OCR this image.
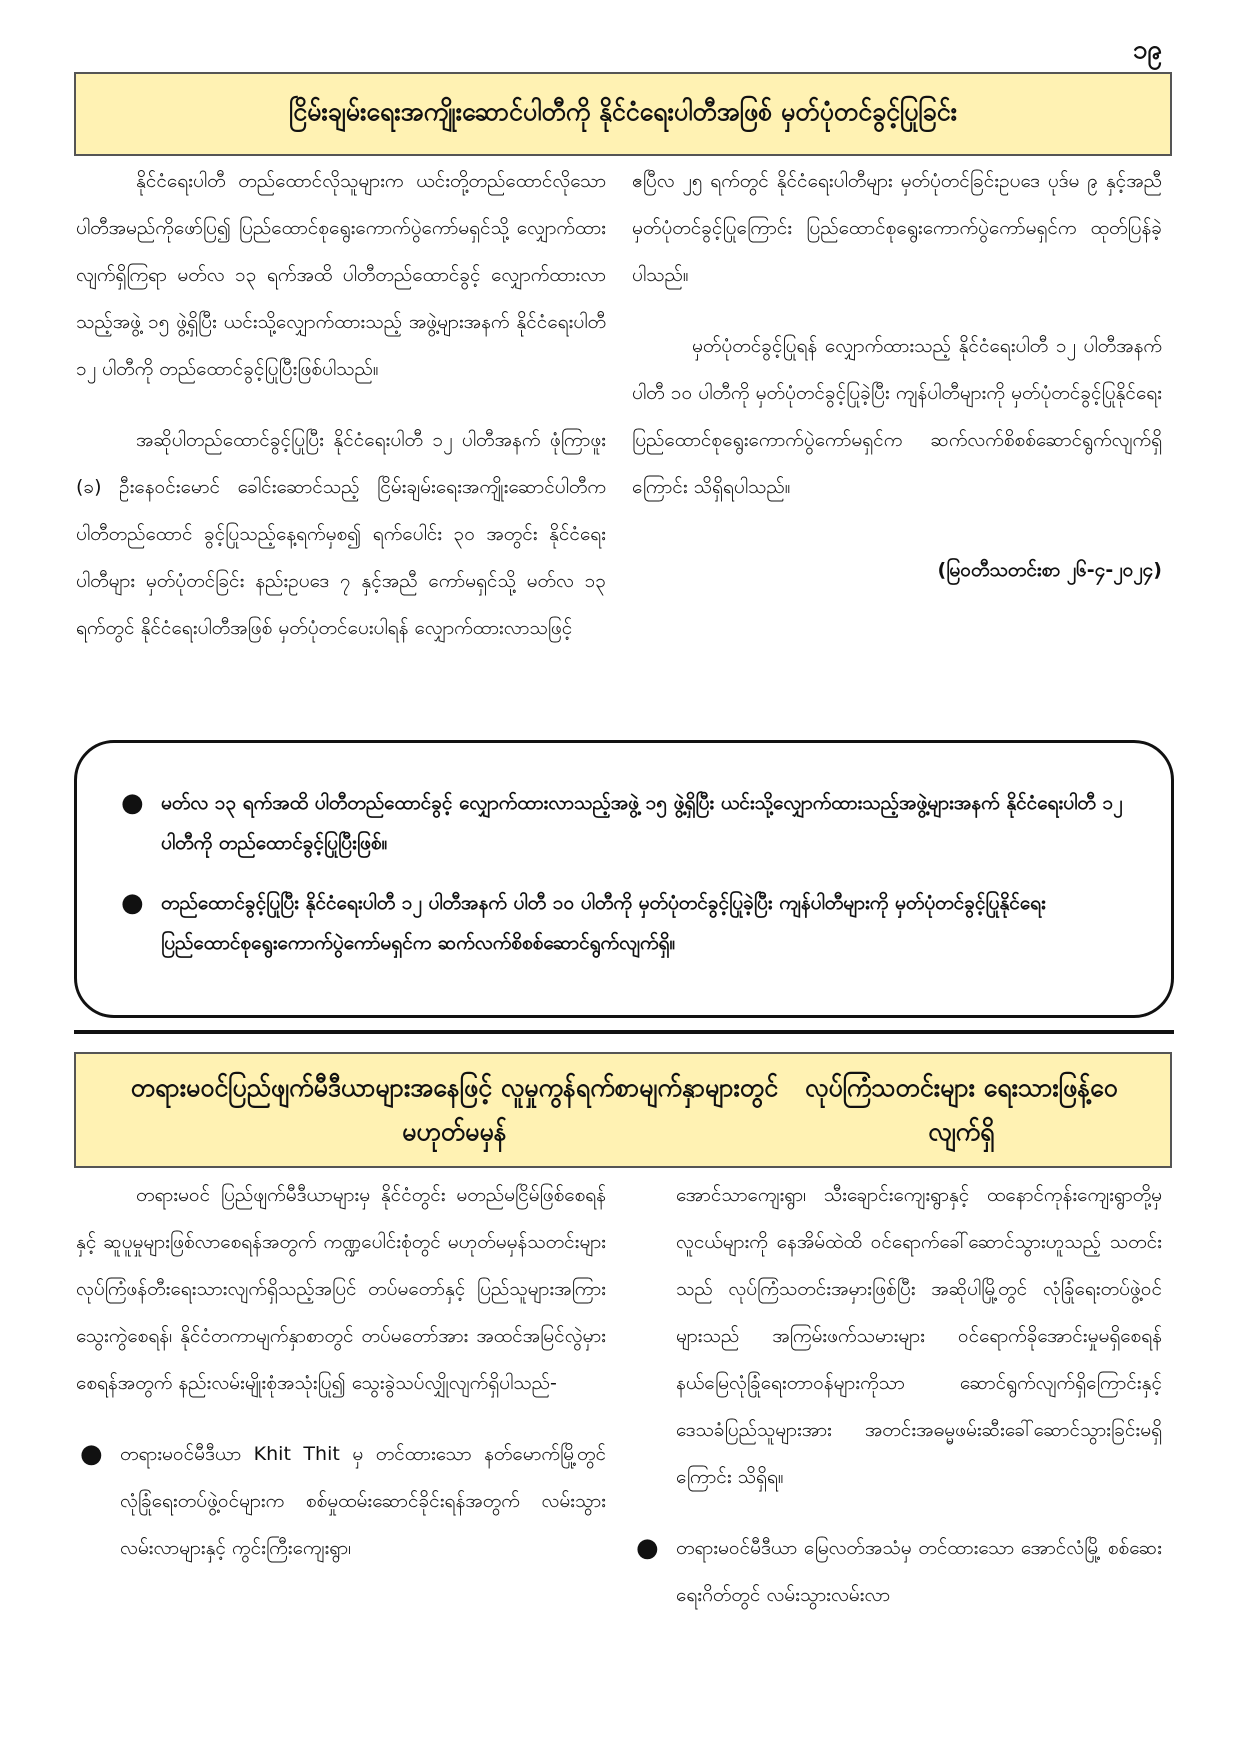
၁၉
ငြိမ်းချမ်းရေးအကျိုးဆောင်ပါတီကို နိုင်ငံရေးပါတီအဖြစ် မှတ်ပုံတင်ခွင့်ပြုခြင်း

နိုင်ငံရေးပါတီ တည်ထောင်လိုသူများက ယင်းတို့တည်ထောင်လိုသော ပါတီအမည်ကိုဖော်ပြ၍ ပြည်ထောင်စုရွေးကောက်ပွဲကော်မရှင်သို့ လျှောက်ထားလျက်ရှိကြရာ မတ်လ ၁၃ ရက်အထိ ပါတီတည်ထောင်ခွင့် လျှောက်ထားလာသည့်အဖွဲ့ ၁၅ ဖွဲ့ရှိပြီး ယင်းသို့လျှောက်ထားသည့် အဖွဲ့များအနက် နိုင်ငံရေးပါတီ ၁၂ ပါတီကို တည်ထောင်ခွင့်ပြုပြီးဖြစ်ပါသည်။

အဆိုပါတည်ထောင်ခွင့်ပြုပြီး နိုင်ငံရေးပါတီ ၁၂ ပါတီအနက် ဖုံကြာဖူး (ခ) ဦးနေဝင်းမောင် ခေါင်းဆောင်သည့် ငြိမ်းချမ်းရေးအကျိုးဆောင်ပါတီက ပါတီတည်ထောင် ခွင့်ပြုသည့်နေ့ရက်မှစ၍ ရက်ပေါင်း ၃၀ အတွင်း နိုင်ငံရေးပါတီများ မှတ်ပုံတင်ခြင်း နည်းဥပဒေ ၇ နှင့်အညီ ကော်မရှင်သို့ မတ်လ ၁၃ ရက်တွင် နိုင်ငံရေးပါတီအဖြစ် မှတ်ပုံတင်ပေးပါရန် လျှောက်ထားလာသဖြင့်

ဧပြီလ ၂၅ ရက်တွင် နိုင်ငံရေးပါတီများ မှတ်ပုံတင်ခြင်းဥပဒေ ပုဒ်မ ၉ နှင့်အညီ မှတ်ပုံတင်ခွင့်ပြုကြောင်း ပြည်ထောင်စုရွေးကောက်ပွဲကော်မရှင်က ထုတ်ပြန်ခဲ့ပါသည်။

မှတ်ပုံတင်ခွင့်ပြုရန် လျှောက်ထားသည့် နိုင်ငံရေးပါတီ ၁၂ ပါတီအနက် ပါတီ ၁၀ ပါတီကို မှတ်ပုံတင်ခွင့်ပြုခဲ့ပြီး ကျန်ပါတီများကို မှတ်ပုံတင်ခွင့်ပြုနိုင်ရေး ပြည်ထောင်စုရွေးကောက်ပွဲကော်မရှင်က ဆက်လက်စိစစ်ဆောင်ရွက်လျက်ရှိကြောင်း သိရှိရပါသည်။

(မြဝတီသတင်းစာ ၂၆-၄-၂၀၂၄)

● မတ်လ ၁၃ ရက်အထိ ပါတီတည်ထောင်ခွင့် လျှောက်ထားလာသည့်အဖွဲ့ ၁၅ ဖွဲ့ရှိပြီး ယင်းသို့လျှောက်ထားသည့်အဖွဲ့များအနက် နိုင်ငံရေးပါတီ ၁၂ ပါတီကို တည်ထောင်ခွင့်ပြုပြီးဖြစ်။
● တည်ထောင်ခွင့်ပြုပြီး နိုင်ငံရေးပါတီ ၁၂ ပါတီအနက် ပါတီ ၁၀ ပါတီကို မှတ်ပုံတင်ခွင့်ပြုခဲ့ပြီး ကျန်ပါတီများကို မှတ်ပုံတင်ခွင့်ပြုနိုင်ရေး ပြည်ထောင်စုရွေးကောက်ပွဲကော်မရှင်က ဆက်လက်စိစစ်ဆောင်ရွက်လျက်ရှိ။
တရားမဝင်ပြည်ဖျက်မီဒီယာများအနေဖြင့် လူမှုကွန်ရက်စာမျက်နှာများတွင် မဟုတ်မမှန်
လုပ်ကြံသတင်းများ ရေးသားဖြန့်ဝေလျက်ရှိ

တရားမဝင် ပြည်ဖျက်မီဒီယာများမှ နိုင်ငံတွင်း မတည်မငြိမ်ဖြစ်စေရန်နှင့် ဆူပူမှုများဖြစ်လာစေရန်အတွက် ကဏ္ဍပေါင်းစုံတွင် မဟုတ်မမှန်သတင်းများ လုပ်ကြံဖန်တီးရေးသားလျက်ရှိသည့်အပြင် တပ်မတော်နှင့် ပြည်သူများအကြား သွေးကွဲစေရန်၊ နိုင်ငံတကာမျက်နှာစာတွင် တပ်မတော်အား အထင်အမြင်လွဲမှားစေရန်အတွက် နည်းလမ်းမျိုးစုံအသုံးပြု၍ သွေးခွဲသပ်လျှိုလျက်ရှိပါသည်-

● တရားမဝင်မီဒီယာ Khit Thit မှ တင်ထားသော နတ်မောက်မြို့တွင် လုံခြုံရေးတပ်ဖွဲ့ဝင်များက စစ်မှုထမ်းဆောင်ခိုင်းရန်အတွက် လမ်းသွားလမ်းလာများနှင့် ကွင်းကြီးကျေးရွာ၊

အောင်သာကျေးရွာ၊ သီးချောင်းကျေးရွာနှင့် ထနောင်ကုန်းကျေးရွာတို့မှ လူငယ်များကို နေအိမ်ထဲထိ ဝင်ရောက်ခေါ်ဆောင်သွားဟူသည့် သတင်းသည် လုပ်ကြံသတင်းအမှားဖြစ်ပြီး အဆိုပါမြို့တွင် လုံခြုံရေးတပ်ဖွဲ့ဝင်များသည် အကြမ်းဖက်သမားများ ဝင်ရောက်ခိုအောင်းမှုမရှိစေရန် နယ်မြေလုံခြုံရေးတာဝန်များကိုသာ ဆောင်ရွက်လျက်ရှိကြောင်းနှင့် ဒေသခံပြည်သူများအား အတင်းအဓမ္မဖမ်းဆီးခေါ်ဆောင်သွားခြင်းမရှိကြောင်း သိရှိရ။

● တရားမဝင်မီဒီယာ မြေလတ်အသံမှ တင်ထားသော အောင်လံမြို့ စစ်ဆေးရေးဂိတ်တွင် လမ်းသွားလမ်းလာ
